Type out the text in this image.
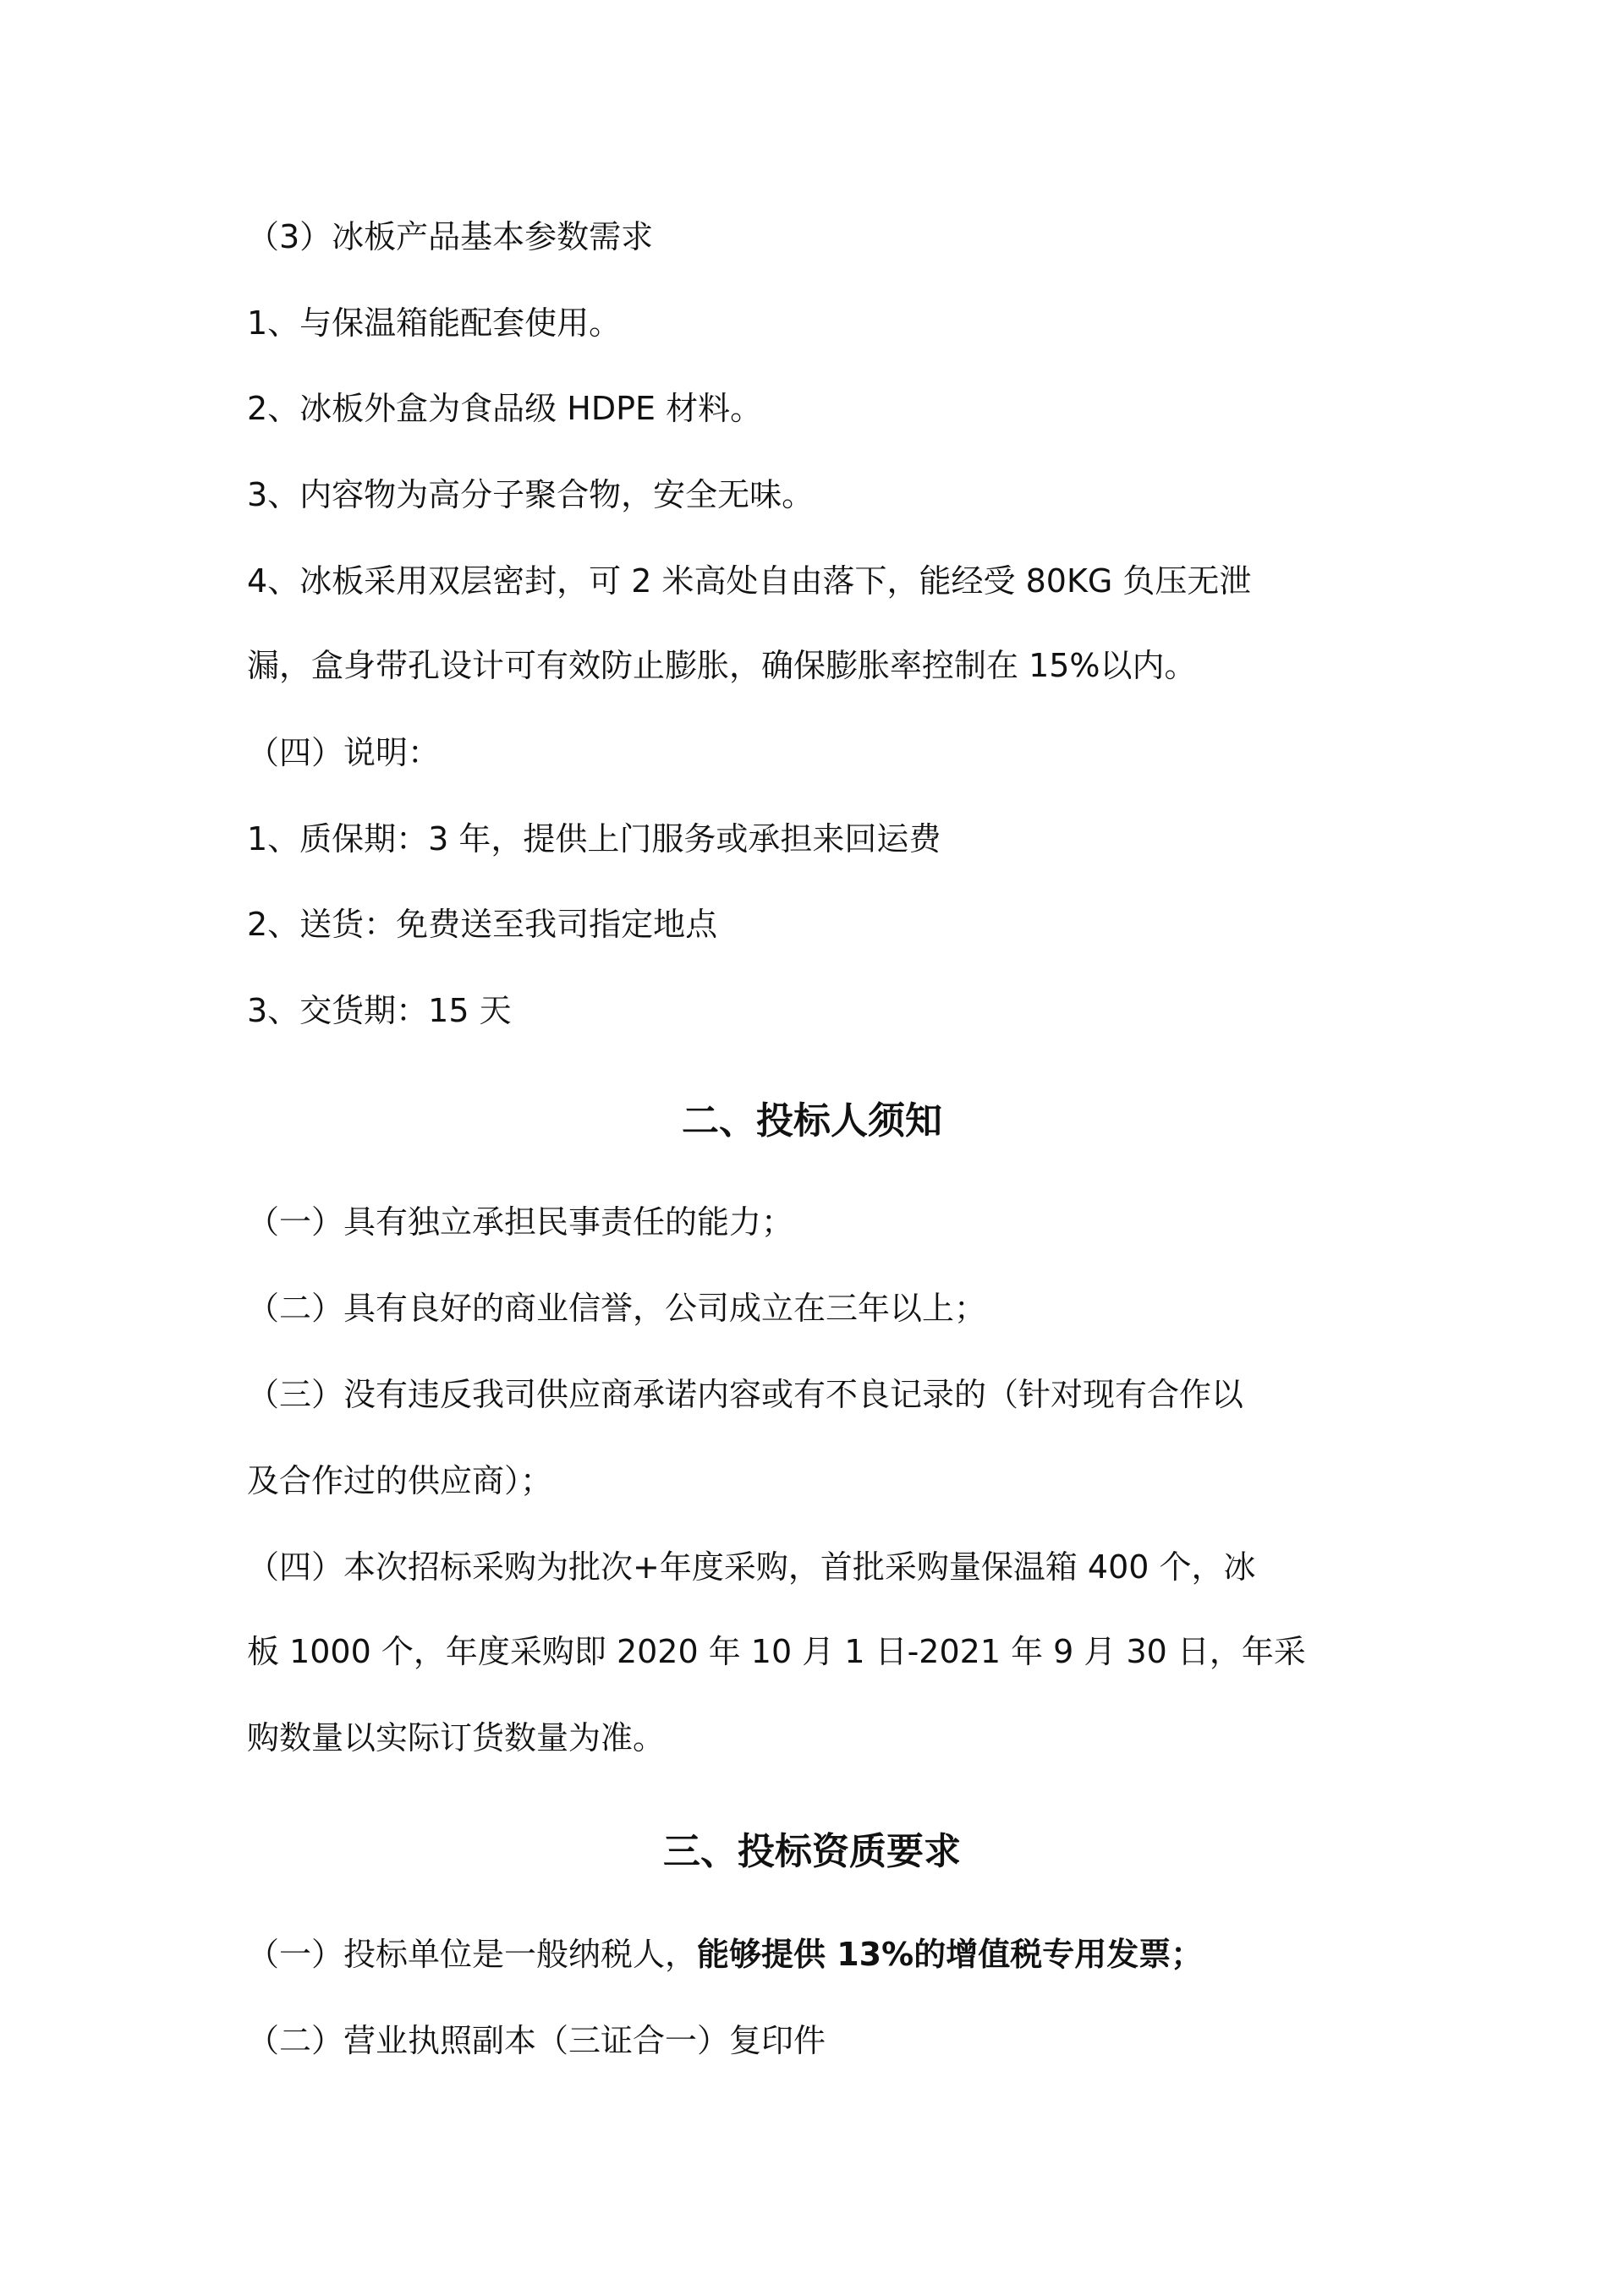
（3）冰板产品基本参数需求
1、与保温箱能配套使用。
2、冰板外盒为食品级 HDPE 材料。
3、内容物为高分子聚合物，安全无味。
4、冰板采用双层密封，可 2 米高处自由落下，能经受 80KG 负压无泄
漏，盒身带孔设计可有效防止膨胀，确保膨胀率控制在 15%以内。
（四）说明：
1、质保期：3 年，提供上门服务或承担来回运费
2、送货：免费送至我司指定地点
3、交货期：15 天
二、投标人须知
（一）具有独立承担民事责任的能力；
（二）具有良好的商业信誉，公司成立在三年以上；
（三）没有违反我司供应商承诺内容或有不良记录的（针对现有合作以
及合作过的供应商）；
（四）本次招标采购为批次+年度采购，首批采购量保温箱 400 个，冰
板 1000 个，年度采购即 2020 年 10 月 1 日-2021 年 9 月 30 日，年采
购数量以实际订货数量为准。
三、投标资质要求
（一）投标单位是一般纳税人，能够提供 13%的增值税专用发票；
（二）营业执照副本（三证合一）复印件
